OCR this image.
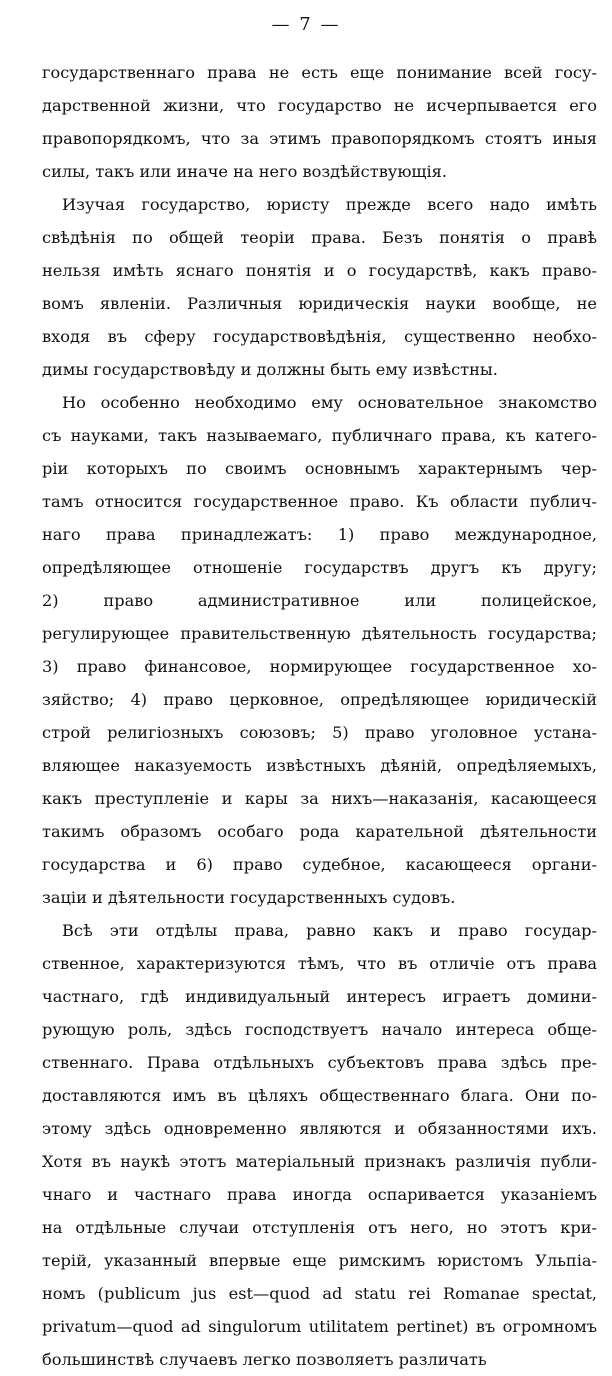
— 7 —
государственнаго права не есть еще понимание всей госу-
дарственной жизни, что государство не исчерпывается его
правопорядкомъ, что за этимъ правопорядкомъ стоятъ иныя
силы, такъ или иначе на него воздѣйствующія.
Изучая государство, юристу прежде всего надо имѣть
свѣдѣнія по общей теоріи права. Безъ понятія о правѣ
нельзя имѣть яснаго понятія и о государствѣ, какъ право-
вомъ явленіи. Различныя юридическія науки вообще, не
входя въ сферу государствовѣдѣнія, существенно необхо-
димы государствовѣду и должны быть ему извѣстны.
Но особенно необходимо ему основательное знакомство
съ науками, такъ называемаго, публичнаго права, къ катего-
ріи которыхъ по своимъ основнымъ характернымъ чер-
тамъ относится государственное право. Къ области публич-
наго права принадлежатъ: 1) право международное,
опредѣляющее отношеніе государствъ другъ къ другу;
2) право административное или полицейское,
регулирующее правительственную дѣятельность государства;
3) право финансовое, нормирующее государственное хо-
зяйство; 4) право церковное, опредѣляющее юридическій
строй религіозныхъ союзовъ; 5) право уголовное устана-
вляющее наказуемость извѣстныхъ дѣяній, опредѣляемыхъ,
какъ преступленіе и кары за нихъ—наказанія, касающееся
такимъ образомъ особаго рода карательной дѣятельности
государства и 6) право судебное, касающееся органи-
заціи и дѣятельности государственныхъ судовъ.
Всѣ эти отдѣлы права, равно какъ и право государ-
ственное, характеризуются тѣмъ, что въ отличіе отъ права
частнаго, гдѣ индивидуальный интересъ играетъ домини-
рующую роль, здѣсь господствуетъ начало интереса обще-
ственнаго. Права отдѣльныхъ субъектовъ права здѣсь пре-
доставляются имъ въ цѣляхъ общественнаго блага. Они по-
этому здѣсь одновременно являются и обязанностями ихъ.
Хотя въ наукѣ этотъ матеріальный признакъ различія публи-
чнаго и частнаго права иногда оспаривается указаніемъ
на отдѣльные случаи отступленія отъ него, но этотъ кри-
терій, указанный впервые еще римскимъ юристомъ Ульпіа-
номъ (publicum jus est—quod ad statu rei Romanae spectat,
privatum—quod ad singulorum utilitatem pertinet) въ огромномъ
большинствѣ случаевъ легко позволяетъ различать
